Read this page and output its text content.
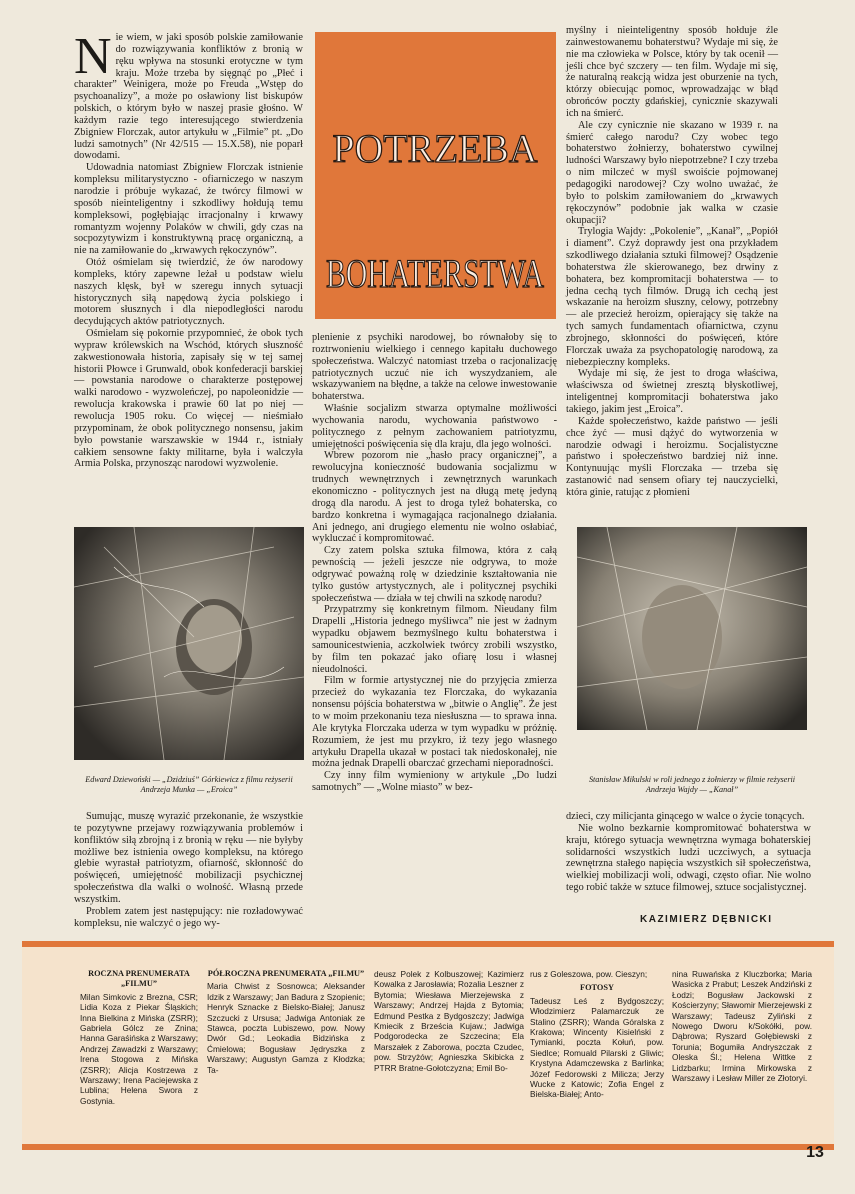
N ie wiem, w jaki sposób polskie zamiłowanie do rozwiązywania konfliktów z bronią w ręku wpływa na stosunki erotyczne w tym kraju. Może trzeba by sięgnąć po „Płeć i charakter” Weinigera, może po Freuda „Wstęp do psychoanalizy”, a może po osławiony list biskupów polskich, o którym było w naszej prasie głośno. W każdym razie tego interesującego stwierdzenia Zbigniew Florczak, autor artykułu w „Filmie” pt. „Do ludzi samotnych” (Nr 42/515 — 15.X.58), nie poparł dowodami.

Udowadnia natomiast Zbigniew Florczak istnienie kompleksu militarystyczno - ofiarniczego w naszym narodzie i próbuje wykazać, że twórcy filmowi w sposób nieinteligentny i szkodliwy hołdują temu kompleksowi, pogłębiając irracjonalny i krwawy romantyzm wojenny Polaków w chwili, gdy czas na socpozytywizm i konstruktywną pracę organiczną, a nie na zamiłowanie do „krwawych rękoczynów”.

Otóż ośmielam się twierdzić, że ów narodowy kompleks, który zapewne leżał u podstaw wielu naszych klęsk, był w szeregu innych sytuacji historycznych siłą napędową życia polskiego i motorem słusznych i dla niepodległości narodu decydujących aktów patriotycznych.

Ośmielam się pokornie przypomnieć, że obok tych wypraw królewskich na Wschód, których słuszność zakwestionowała historia, zapisały się w tej samej historii Płowce i Grunwald, obok konfederacji barskiej — powstania narodowe o charakterze postępowej walki narodowo - wyzwoleńczej, po napoleonidzie — rewolucja krakowska i prawie 60 lat po niej — rewolucja 1905 roku. Co więcej — nieśmiało przypominam, że obok politycznego nonsensu, jakim było powstanie warszawskie w 1944 r., istniały całkiem sensowne fakty militarne, była i walczyła Armia Polska, przynosząc narodowi wyzwolenie.

POTRZEBA
BOHATERSTWA

myślny i nieinteligentny sposób hołduje źle zainwestowanemu bohaterstwu? Wydaje mi się, że nie ma człowieka w Polsce, który by tak ocenił — jeśli chce być szczery — ten film. Wydaje mi się, że naturalną reakcją widza jest oburzenie na tych, którzy obiecując pomoc, wprowadzając w błąd obrońców poczty gdańskiej, cynicznie skazywali ich na śmierć.

Ale czy cynicznie nie skazano w 1939 r. na śmierć całego narodu? Czy wobec tego bohaterstwo żołnierzy, bohaterstwo cywilnej ludności Warszawy było niepotrzebne? I czy trzeba o nim milczeć w myśl swoiście pojmowanej pedagogiki narodowej? Czy wolno uważać, że było to polskim zamiłowaniem do „krwawych rękoczynów” podobnie jak walka w czasie okupacji?

Trylogia Wajdy: „Pokolenie”, „Kanał”, „Popiół i diament”. Czyż doprawdy jest ona przykładem szkodliwego działania sztuki filmowej? Osądzenie bohaterstwa źle skierowanego, bez drwiny z bohatera, bez kompromitacji bohaterstwa — to jedna cechą tych filmów. Drugą ich cechą jest wskazanie na heroizm słuszny, celowy, potrzebny — ale przecież heroizm, opierający się także na tych samych fundamentach ofiarnictwa, czynu zbrojnego, skłonności do poświęceń, które Florczak uważa za psychopatologię narodową, za niebezpieczny kompleks.

Wydaje mi się, że jest to droga właściwa, właściwsza od świetnej zresztą błyskotliwej, inteligentnej kompromitacji bohaterstwa jako takiego, jakim jest „Eroica”.

Każde społeczeństwo, każde państwo — jeśli chce żyć — musi dążyć do wytworzenia w narodzie odwagi i heroizmu. Socjalistyczne państwo i społeczeństwo bardziej niż inne. Kontynuując myśli Florczaka — trzeba się zastanowić nad sensem ofiary tej nauczycielki, która ginie, ratując z płomieni

plenienie z psychiki narodowej, bo równałoby się to roztrwonieniu wielkiego i cennego kapitału duchowego społeczeństwa. Walczyć natomiast trzeba o racjonalizację patriotycznych uczuć nie ich wyszydzaniem, ale wskazywaniem na błędne, a także na celowe inwestowanie bohaterstwa.

Właśnie socjalizm stwarza optymalne możliwości wychowania narodu, wychowania państwowo - politycznego z pełnym zachowaniem patriotyzmu, umiejętności poświęcenia się dla kraju, dla jego wolności.

Wbrew pozorom nie „hasło pracy organicznej”, a rewolucyjna konieczność budowania socjalizmu w trudnych wewnętrznych i zewnętrznych warunkach ekonomiczno - politycznych jest na długą metę jedyną drogą dla narodu. A jest to droga tyleż bohaterska, co bardzo konkretna i wymagająca racjonalnego działania. Ani jednego, ani drugiego elementu nie wolno osłabiać, wykluczać i kompromitować.

Czy zatem polska sztuka filmowa, która z całą pewnością — jeżeli jeszcze nie odgrywa, to może odgrywać poważną rolę w dziedzinie kształtowania nie tylko gustów artystycznych, ale i politycznej psychiki społeczeństwa — działa w tej chwili na szkodę narodu?

Przypatrzmy się konkretnym filmom. Nieudany film Drapelli „Historia jednego myśliwca” nie jest w żadnym wypadku objawem bezmyślnego kultu bohaterstwa i samounicestwienia, aczkolwiek twórcy zrobili wszystko, by film ten pokazać jako ofiarę losu i własnej nieudolności.

Film w formie artystycznej nie do przyjęcia zmierza przecież do wykazania tez Florczaka, do wykazania nonsensu pójścia bohaterstwa w „bitwie o Anglię”. Że jest to w moim przekonaniu teza niesłuszna — to sprawa inna. Ale krytyka Florczaka uderza w tym wypadku w próżnię. Rozumiem, że jest mu przykro, iż tezy jego własnego artykułu Drapella ukazał w postaci tak niedoskonałej, nie można jednak Drapelli obarczać grzechami nieporadności.

Czy inny film wymieniony w artykule „Do ludzi samotnych” — „Wolne miasto” w bez-

Edward Dziewoński — „Dzidziuś” Górkiewicz z filmu reżyserii Andrzeja Munka — „Eroica”

Sumując, muszę wyrazić przekonanie, że wszystkie te pozytywne przejawy rozwiązywania problemów i konfliktów siłą zbrojną i z bronią w ręku — nie byłyby możliwe bez istnienia owego kompleksu, na którego glebie wyrastał patriotyzm, ofiarność, skłonność do poświęceń, umiejętność mobilizacji psychicznej społeczeństwa dla walki o wolność. Własną przede wszystkim.

Problem zatem jest następujący: nie rozładowywać kompleksu, nie walczyć o jego wy-

Stanisław Mikulski w roli jednego z żołnierzy w filmie reżyserii Andrzeja Wajdy — „Kanał”

dzieci, czy milicjanta ginącego w walce o życie tonących.

Nie wolno bezkarnie kompromitować bohaterstwa w kraju, którego sytuacja wewnętrzna wymaga bohaterskiej solidarności wszystkich ludzi uczciwych, a sytuacja zewnętrzna stałego napięcia wszystkich sił społeczeństwa, wielkiej mobilizacji woli, odwagi, często ofiar. Nie wolno tego robić także w sztuce filmowej, sztuce socjalistycznej.

KAZIMIERZ DĘBNICKI
ROCZNA PRENUMERATA „FILMU”
Milan Simkovic z Brezna, CSR; Lidia Koza z Piekar Śląskich; Inna Bielkina z Mińska (ZSRR); Gabriela Gólcz ze Znina; Hanna Garaśińska z Warszawy; Andrzej Zawadzki z Warszawy; Irena Stogowa z Mińska (ZSRR); Alicja Kostrzewa z Warszawy; Irena Paciejewska z Lublina; Helena Swora z Gostynia.
PÓŁROCZNA PRENUMERATA „FILMU”
Maria Chwist z Sosnowca; Aleksander Idzik z Warszawy; Jan Badura z Szopienic; Henryk Sznacke z Bielsko-Białej; Janusz Szczucki z Ursusa; Jadwiga Antoniak ze Stawca, poczta Lubiszewo, pow. Nowy Dwór Gd.; Leokadia Bidzińska z Ćmielowa; Bogusław Jędryszka z Warszawy; Augustyn Gamza z Kłodzka; Ta-
deusz Polek z Kolbuszowej; Kazimierz Kowalka z Jarosławia; Rozalia Leszner z Bytomia; Wiesława Mierzejewska z Warszawy; Andrzej Hajda z Bytomia; Edmund Pestka z Bydgoszczy; Jadwiga Kmiecik z Brześcia Kujaw.; Jadwiga Podgorodecka ze Szczecina; Ela Marszałek z Zaborowa, poczta Czudec, pow. Strzyżów; Agnieszka Skibicka z PTRR Bratne-Gołotczyzna; Emil Bo-
rus z Goleszowa, pow. Cieszyn;
FOTOSY
Tadeusz Leś z Bydgoszczy; Włodzimierz Palamarczuk ze Stalino (ZSRR); Wanda Góralska z Krakowa; Wincenty Kisielński z Tymianki, poczta Kołuń, pow. Siedlce; Romuald Pilarski z Gliwic; Krystyna Adamczewska z Barlinka; Józef Fedorowski z Milicza; Jerzy Wucke z Katowic; Zofia Engel z Bielska-Białej; Anto-
nina Ruwańska z Kluczborka; Maria Wasicka z Prabut; Leszek Andziński z Łodzi; Bogusław Jackowski z Kościerzyny; Sławomir Mierzejewski z Warszawy; Tadeusz Zyliński z Nowego Dworu k/Sokółki, pow. Dąbrowa; Ryszard Gołębiewski z Torunia; Bogumiła Andryszczak z Oleska Śl.; Helena Wittke z Lidzbarku; Irmina Mirkowska z Warszawy i Lesław Miller ze Złotoryi.
13
